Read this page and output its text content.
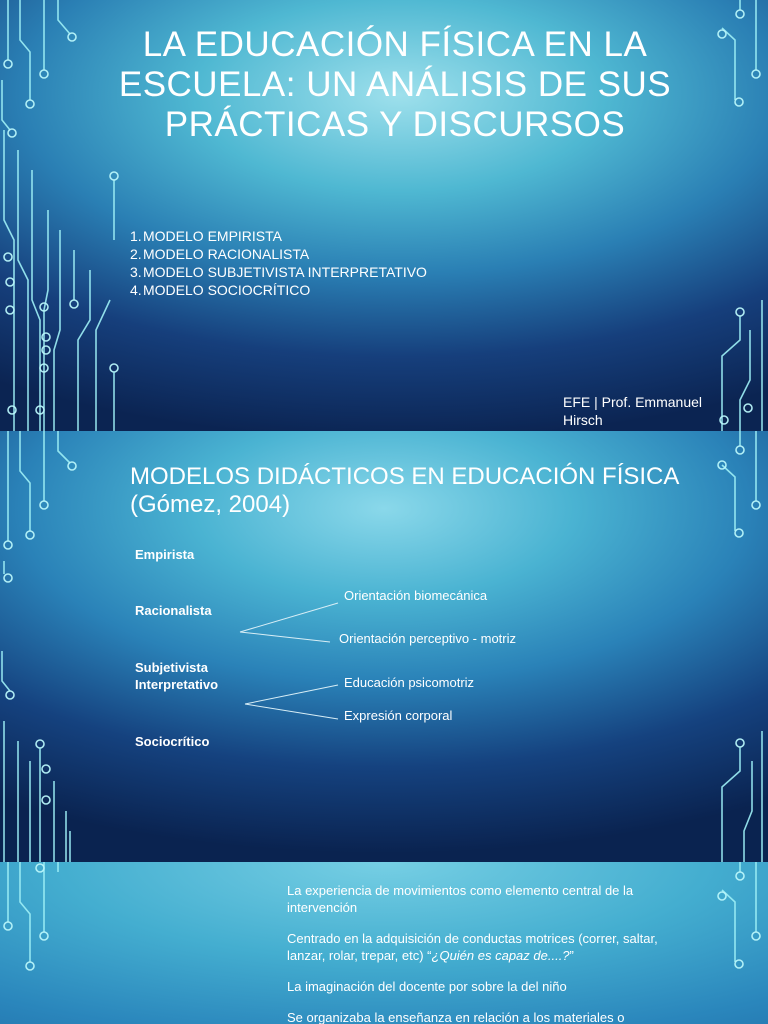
LA EDUCACIÓN FÍSICA EN LA ESCUELA: UN ANÁLISIS DE SUS PRÁCTICAS Y DISCURSOS
1.MODELO EMPIRISTA
2.MODELO RACIONALISTA
3.MODELO SUBJETIVISTA INTERPRETATIVO
4.MODELO SOCIOCRÍTICO
EFE | Prof. Emmanuel Hirsch
MODELOS DIDÁCTICOS EN EDUCACIÓN FÍSICA (Gómez, 2004)
Empirista
Racionalista
Subjetivista
Interpretativo
Sociocrítico
Orientación biomecánica
Orientación perceptivo - motriz
Educación psicomotriz
Expresión corporal

La experiencia de movimientos como elemento central de la intervención

Centrado en la adquisición de conductas motrices (correr, saltar, lanzar, rolar, trepar, etc) “¿Quién es capaz de....?”

La imaginación del docente por sobre la del niño

Se organizaba la enseñanza en relación a los materiales o
